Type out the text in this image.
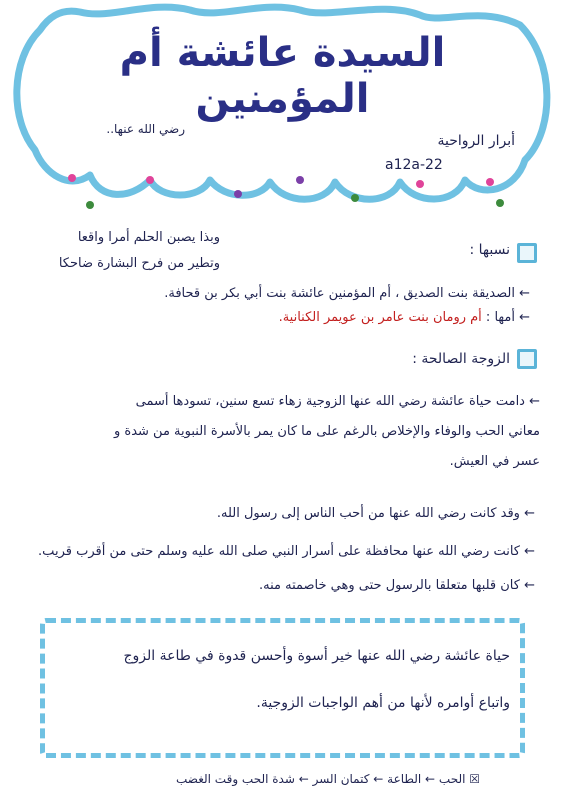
السيدة عائشة أم المؤمنين
أبرار الرواحية
a12a-22
رضي الله عنها..
وبذا يصبن الحلم أمرا واقعا
وتطير من فرح البشارة ضاحكا
نسبها :
← الصديقة بنت الصديق ، أم المؤمنين عائشة بنت أبي بكر بن قحافة.
← أمها : أم رومان بنت عامر بن عويمر الكنانية.
الزوجة الصالحة :
← دامت حياة عائشة رضي الله عنها الزوجية زهاء تسع سنين، تسودها أسمى
معاني الحب والوفاء والإخلاص بالرغم على ما كان يمر بالأسرة النبوية من شدة و
عسر في العيش.
← وقد كانت رضي الله عنها من أحب الناس إلى رسول الله.
← كانت رضي الله عنها محافظة على أسرار النبي صلى الله عليه وسلم حتى من أقرب قريب.
← كان قلبها متعلقا بالرسول حتى وهي خاصمته منه.
حياة عائشة رضي الله عنها خير أسوة وأحسن قدوة في طاعة الزوج
واتباع أوامره لأنها من أهم الواجبات الزوجية.
☒ الحب ← الطاعة ← كتمان السر ← شدة الحب وقت الغضب
